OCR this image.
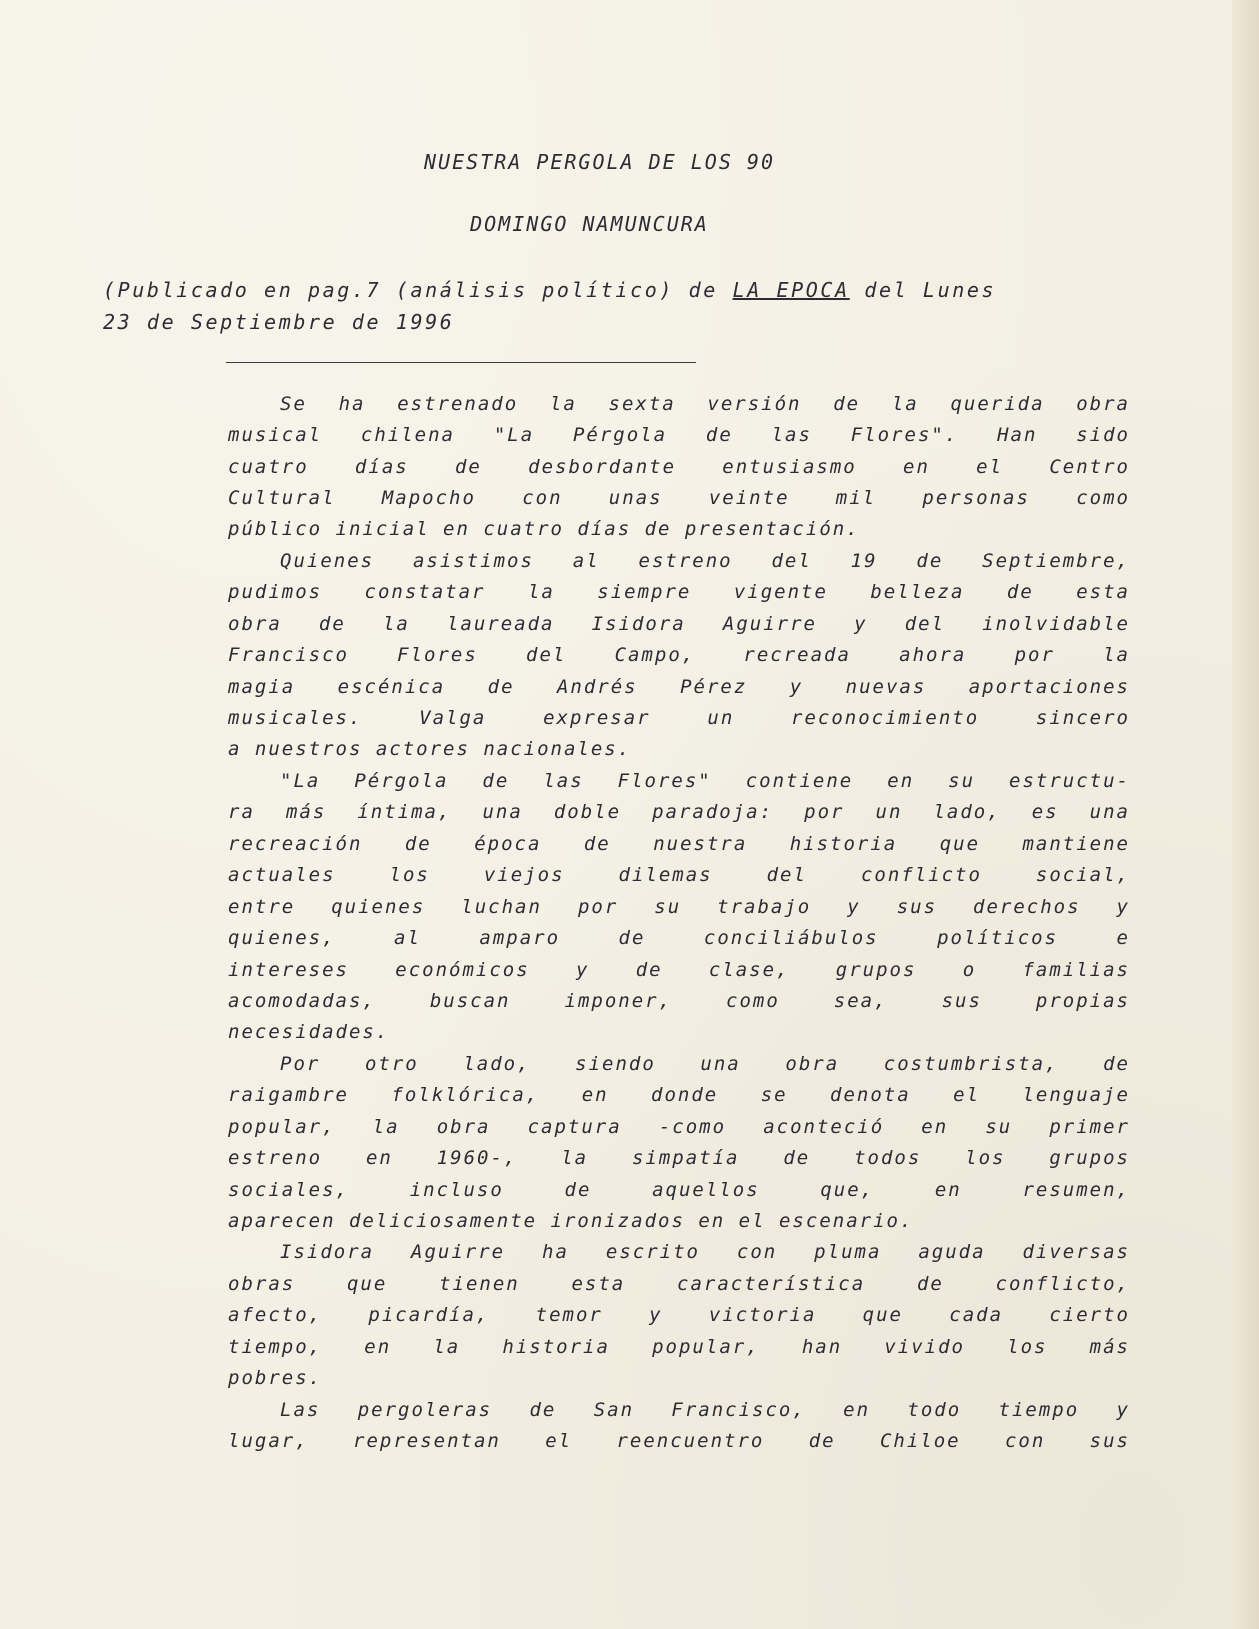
NUESTRA PERGOLA DE LOS 90
DOMINGO NAMUNCURA
(Publicado en pag.7 (análisis político) de LA EPOCA del Lunes
23 de Septiembre de 1996
Se ha estrenado la sexta versión de la querida obra
musical chilena "La Pérgola de las Flores". Han sido
cuatro días de desbordante entusiasmo en el Centro
Cultural Mapocho con unas veinte mil personas como
público inicial en cuatro días de presentación.
Quienes asistimos al estreno del 19 de Septiembre,
pudimos constatar la siempre vigente belleza de esta
obra de la laureada Isidora Aguirre y del inolvidable
Francisco Flores del Campo, recreada ahora por la
magia escénica de Andrés Pérez y nuevas aportaciones
musicales. Valga expresar un reconocimiento sincero
a nuestros actores nacionales.
"La Pérgola de las Flores" contiene en su estructu-
ra más íntima, una doble paradoja: por un lado, es una
recreación de época de nuestra historia que mantiene
actuales los viejos dilemas del conflicto social,
entre quienes luchan por su trabajo y sus derechos y
quienes, al amparo de conciliábulos políticos e
intereses económicos y de clase, grupos o familias
acomodadas, buscan imponer, como sea, sus propias
necesidades.
Por otro lado, siendo una obra costumbrista, de
raigambre folklórica, en donde se denota el lenguaje
popular, la obra captura -como aconteció en su primer
estreno en 1960-, la simpatía de todos los grupos
sociales, incluso de aquellos que, en resumen,
aparecen deliciosamente ironizados en el escenario.
Isidora Aguirre ha escrito con pluma aguda diversas
obras que tienen esta característica de conflicto,
afecto, picardía, temor y victoria que cada cierto
tiempo, en la historia popular, han vivido los más
pobres.
Las pergoleras de San Francisco, en todo tiempo y
lugar, representan el reencuentro de Chiloe con sus
